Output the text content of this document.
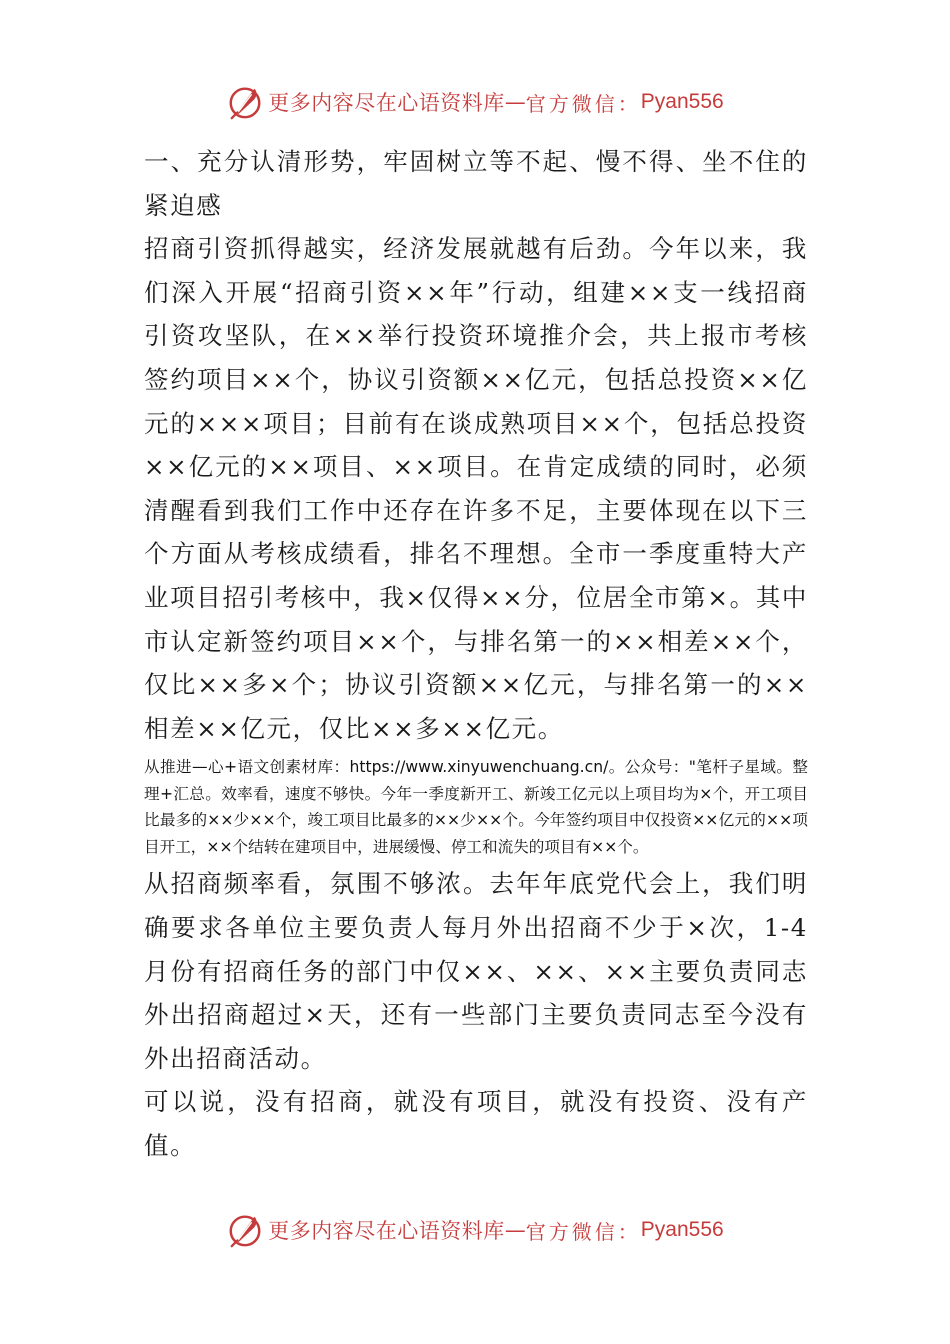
更多内容尽在心语资料库 — 官方微信： Pyan556

一、充分认清形势，牢固树立等不起、慢不得、坐不住的紧迫感

招商引资抓得越实，经济发展就越有后劲。今年以来，我们深入开展“招商引资××年”行动，组建××支一线招商引资攻坚队，在××举行投资环境推介会，共上报市考核签约项目××个，协议引资额××亿元，包括总投资××亿元的×××项目；目前有在谈成熟项目××个，包括总投资××亿元的××项目、××项目。在肯定成绩的同时，必须清醒看到我们工作中还存在许多不足，主要体现在以下三个方面从考核成绩看，排名不理想。全市一季度重特大产业项目招引考核中，我×仅得××分，位居全市第×。其中市认定新签约项目××个，与排名第一的××相差××个，仅比××多×个；协议引资额××亿元，与排名第一的××相差××亿元，仅比××多××亿元。

从推进—心+语文创素材库：https://www.xinyuwenchuang.cn/。公众号："笔杆子星域。整理+汇总。效率看，速度不够快。今年一季度新开工、新竣工亿元以上项目均为×个，开工项目比最多的××少××个，竣工项目比最多的××少××个。今年签约项目中仅投资××亿元的××项目开工，××个结转在建项目中，进展缓慢、停工和流失的项目有××个。

从招商频率看，氛围不够浓。去年年底党代会上，我们明确要求各单位主要负责人每月外出招商不少于×次，1-4月份有招商任务的部门中仅××、××、××主要负责同志外出招商超过×天，还有一些部门主要负责同志至今没有外出招商活动。

可以说，没有招商，就没有项目，就没有投资、没有产值。

更多内容尽在心语资料库 — 官方微信： Pyan556
